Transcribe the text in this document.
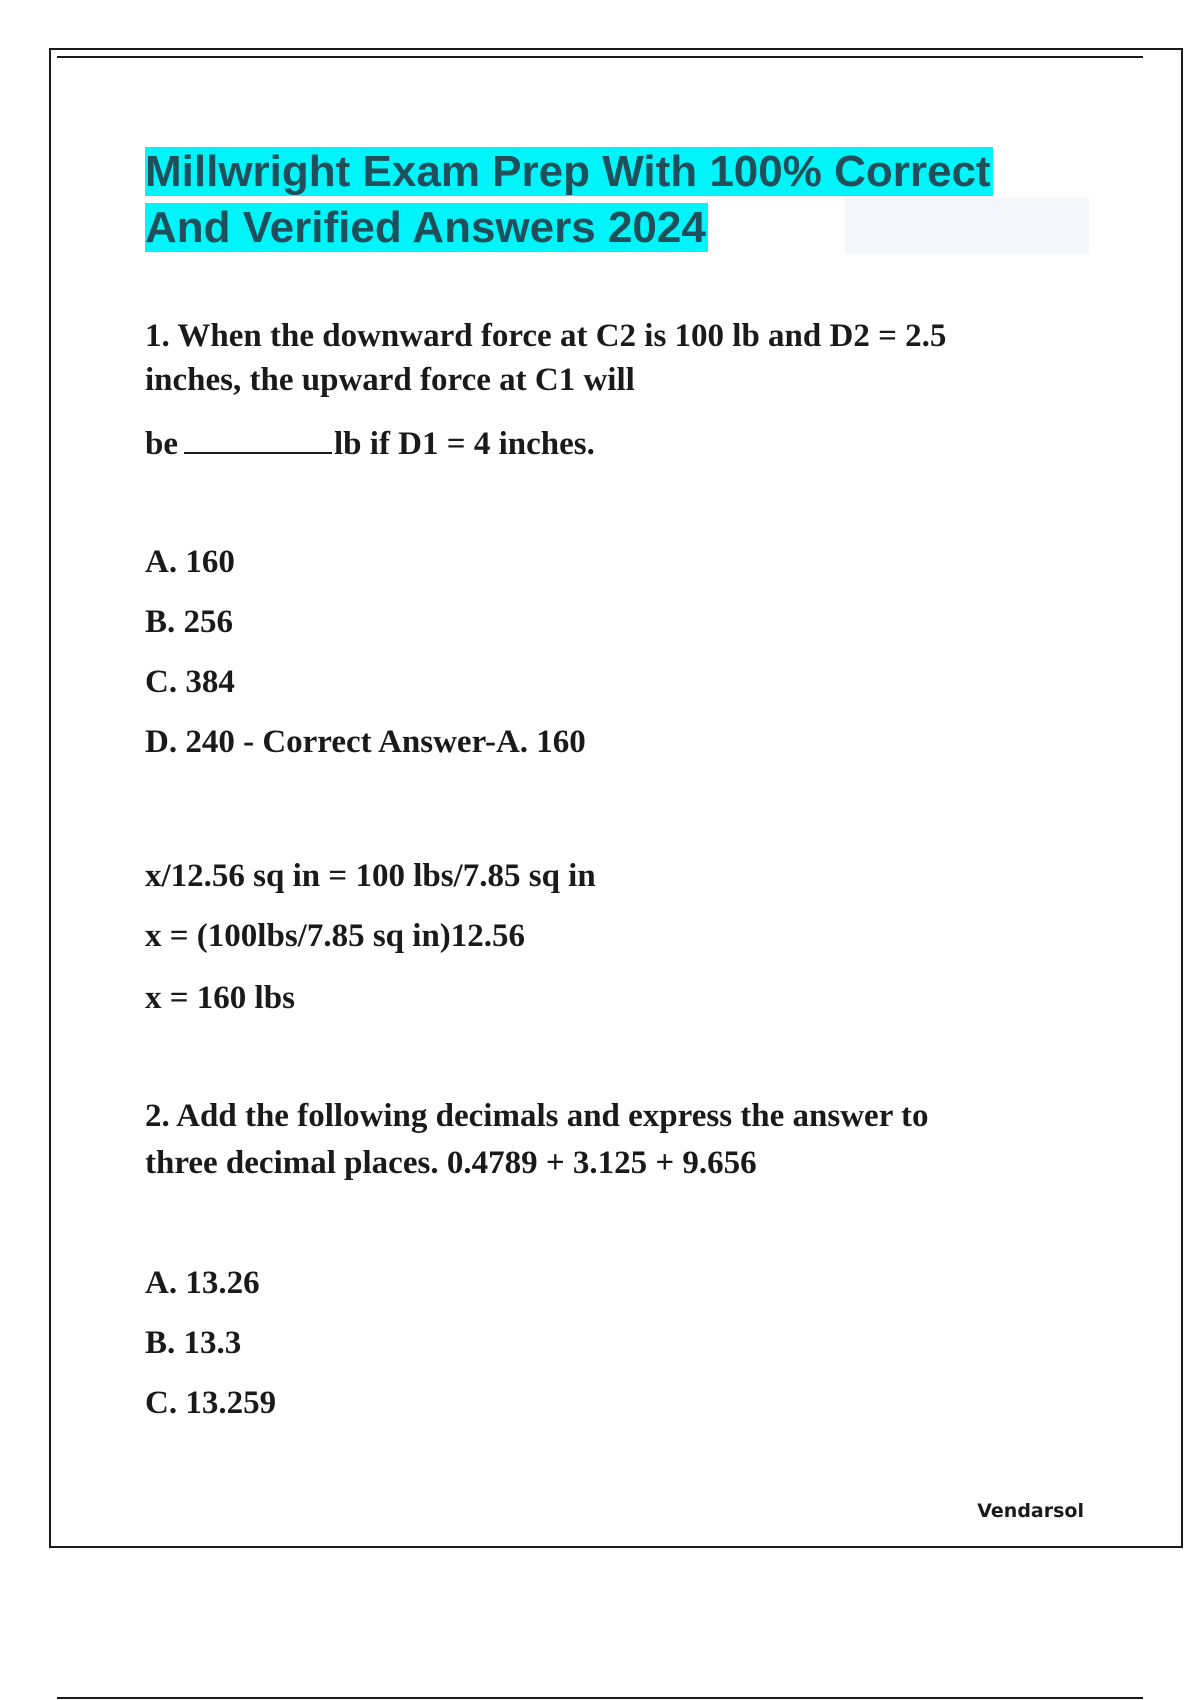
Millwright Exam Prep With 100% Correct
And Verified Answers 2024
1. When the downward force at C2 is 100 lb and D2 = 2.5
inches, the upward force at C1 will
be	lb if D1 = 4 inches.
A. 160
B. 256
C. 384
D. 240 - Correct Answer-A. 160
x/12.56 sq in = 100 lbs/7.85 sq in
x = (100lbs/7.85 sq in)12.56
x = 160 lbs
2. Add the following decimals and express the answer to
three decimal places. 0.4789 + 3.125 + 9.656
A. 13.26
B. 13.3
C. 13.259
Vendarsol
